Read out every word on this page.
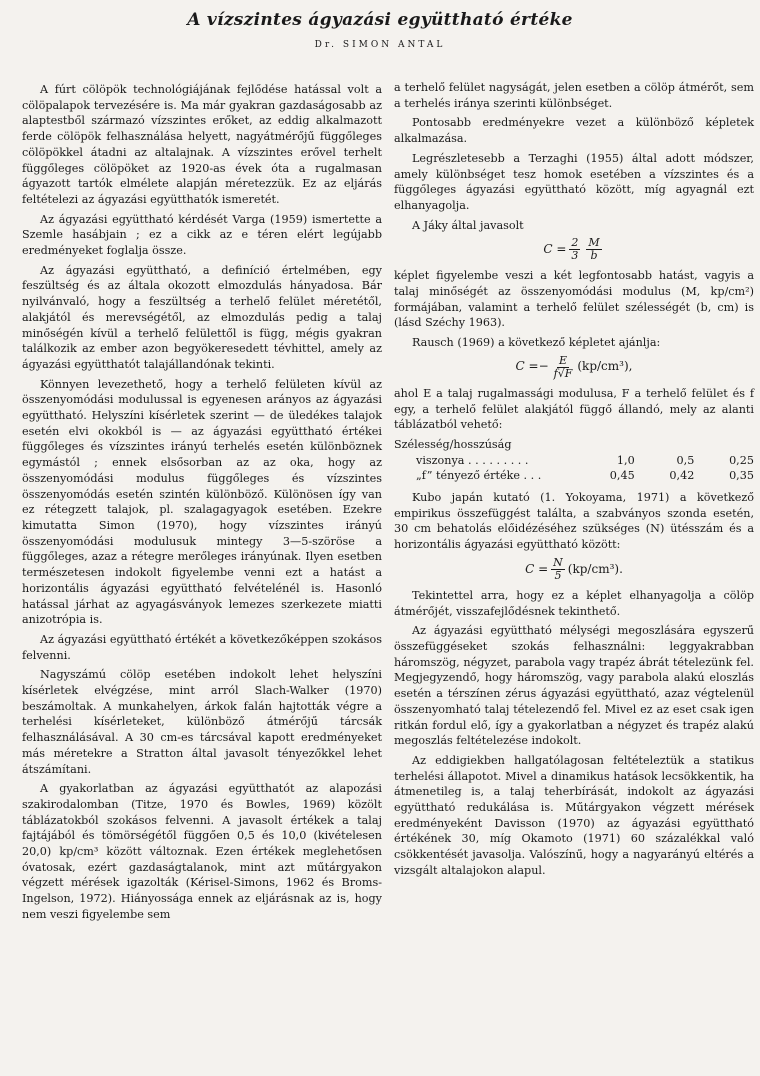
A vízszintes ágyazási együttható értéke
Dr. SIMON ANTAL

A fúrt cölöpök technológiájának fejlődése hatással volt a cölöpalapok tervezésére is. Ma már gyakran gazdaságosabb az alaptestből származó vízszintes erőket, az eddig alkalmazott ferde cölöpök felhasználása helyett, nagyátmérőjű függőleges cölöpökkel átadni az altalajnak. A vízszintes erővel terhelt függőleges cölöpöket az 1920-as évek óta a rugalmasan ágyazott tartók elmélete alapján méretezzük. Ez az eljárás feltételezi az ágyazási együtthatók ismeretét.

Az ágyazási együttható kérdését Varga (1959) ismertette a Szemle hasábjain ; ez a cikk az e téren elért legújabb eredményeket foglalja össze.

Az ágyazási együttható, a definíció értelmében, egy feszültség és az általa okozott elmozdulás hányadosa. Bár nyilvánvaló, hogy a feszültség a terhelő felület méretétől, alakjától és merevségétől, az elmozdulás pedig a talaj minőségén kívül a terhelő felülettől is függ, mégis gyakran találkozik az ember azon begyökeresedett tévhittel, amely az ágyazási együtthatót talajállandónak tekinti.

Könnyen levezethető, hogy a terhelő felületen kívül az összenyomódási modulussal is egyenesen arányos az ágyazási együttható. Helyszíni kísérletek szerint — de üledékes talajok esetén elvi okokból is — az ágyazási együttható értékei függőleges és vízszintes irányú terhelés esetén különböznek egymástól ; ennek elsősorban az az oka, hogy az összenyomódási modulus függőleges és vízszintes összenyomódás esetén szintén különböző. Különösen így van ez rétegzett talajok, pl. szalagagyagok esetében. Ezekre kimutatta Simon (1970), hogy vízszintes irányú összenyomódási modulusuk mintegy 3—5-szöröse a függőleges, azaz a rétegre merőleges irányúnak. Ilyen esetben természetesen indokolt figyelembe venni ezt a hatást a horizontális ágyazási együttható felvételénél is. Hasonló hatással járhat az agyagásványok lemezes szerkezete miatti anizotrópia is.

Az ágyazási együttható értékét a következőképpen szokásos felvenni.

Nagyszámú cölöp esetében indokolt lehet helyszíni kísérletek elvégzése, mint arról Slach-Walker (1970) beszámoltak. A munkahelyen, árkok falán hajtották végre a terhelési kísérleteket, különböző átmérőjű tárcsák felhasználásával. A 30 cm-es tárcsával kapott eredményeket más méretekre a Stratton által javasolt tényezőkkel lehet átszámítani.

A gyakorlatban az ágyazási együtthatót az alapozási szakirodalomban (Titze, 1970 és Bowles, 1969) közölt táblázatokból szokásos felvenni. A javasolt értékek a talaj fajtájából és tömörségétől függően 0,5 és 10,0 (kivételesen 20,0) kp/cm³ között változnak. Ezen értékek meglehetősen óvatosak, ezért gazdaságtalanok, mint azt műtárgyakon végzett mérések igazolták (Kérisel-Simons, 1962 és Broms-Ingelson, 1972). Hiányossága ennek az eljárásnak az is, hogy nem veszi figyelembe sem

a terhelő felület nagyságát, jelen esetben a cölöp átmérőt, sem a terhelés iránya szerinti különbséget.

Pontosabb eredményekre vezet a különböző képletek alkalmazása.

Legrészletesebb a Terzaghi (1955) által adott módszer, amely különbséget tesz homok esetében a vízszintes és a függőleges ágyazási együttható között, míg agyagnál ezt elhanyagolja.

A Jáky által javasolt

$C = \frac{2}{3} \frac{M}{b}$

képlet figyelembe veszi a két legfontosabb hatást, vagyis a talaj minőségét az összenyomódási modulus (M, kp/cm²) formájában, valamint a terhelő felület szélességét (b, cm) is (lásd Széchy 1963).

Rausch (1969) a következő képletet ajánlja:

C = − $\frac{E}{f√F} (kp/cm^3)$,

ahol E a talaj rugalmassági modulusa, F a terhelő felület és f egy, a terhelő felület alakjától függő állandó, mely az alanti táblázatból vehető:

Szélesség/hosszúság
viszonya . . . . . . . . .	1,0	0,5	0,25
„f” tényező értéke . . .	0,45	0,42	0,35

Kubo japán kutató (1. Yokoyama, 1971) a következő empirikus összefüggést találta, a szabványos szonda esetén, 30 cm behatolás előidézéséhez szükséges (N) ütésszám és a horizontális ágyazási együttható között:

$C = \frac{N}{5} (kp/cm^3)$.

Tekintettel arra, hogy ez a képlet elhanyagolja a cölöp átmérőjét, visszafejlődésnek tekinthető.

Az ágyazási együttható mélységi megoszlására egyszerű összefüggéseket szokás felhasználni: leggyakrabban háromszög, négyzet, parabola vagy trapéz ábrát tételezünk fel. Megjegyzendő, hogy háromszög, vagy parabola alakú eloszlás esetén a térszínen zérus ágyazási együttható, azaz végtelenül összenyomható talaj tételezendő fel. Mivel ez az eset csak igen ritkán fordul elő, így a gyakorlatban a négyzet és trapéz alakú megoszlás feltételezése indokolt.

Az eddigiekben hallgatólagosan feltételeztük a statikus terhelési állapotot. Mivel a dinamikus hatások lecsökkentik, ha átmenetileg is, a talaj teherbírását, indokolt az ágyazási együttható redukálása is. Műtárgyakon végzett mérések eredményeként Davisson (1970) az ágyazási együttható értékének 30, míg Okamoto (1971) 60 százalékkal való csökkentését javasolja. Valószínű, hogy a nagyarányú eltérés a vizsgált altalajokon alapul.
